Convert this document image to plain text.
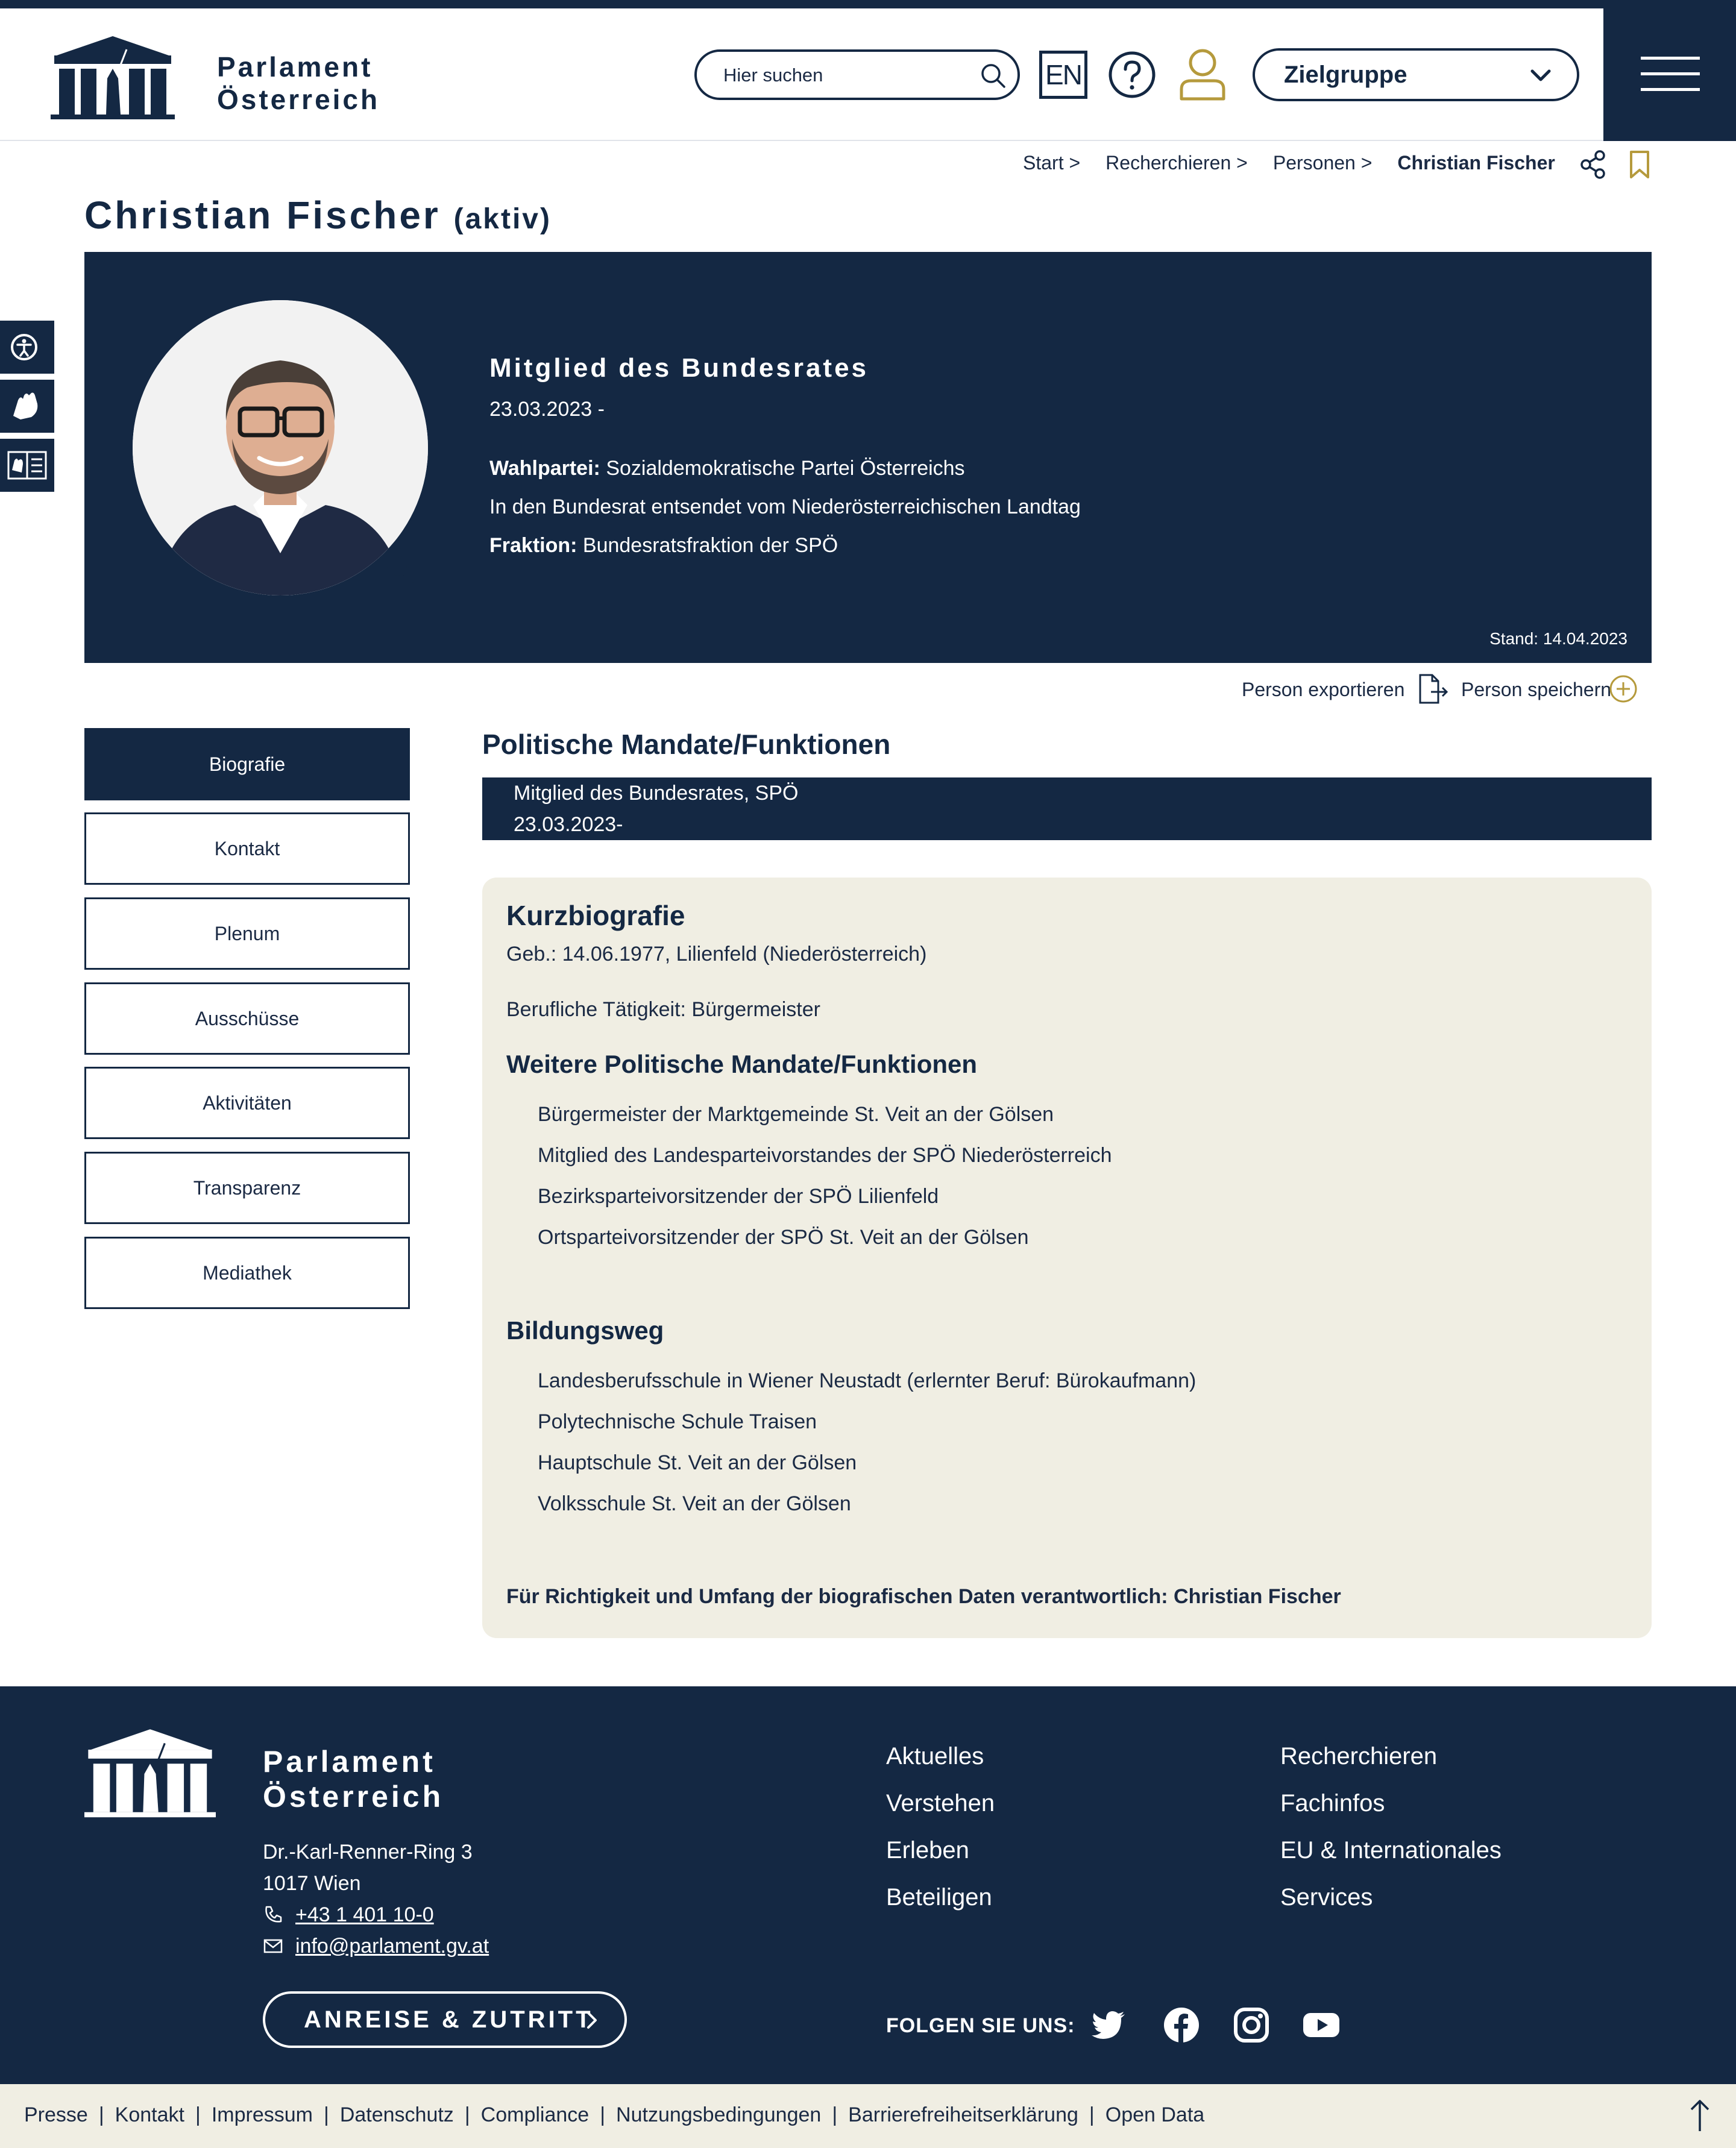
Parlament
Österreich
Hier suchen
EN	Zielgruppe
Start > Recherchieren > Personen > Christian Fischer
Christian Fischer (aktiv)
Mitglied des Bundesrates
23.03.2023 -
Wahlpartei: Sozialdemokratische Partei Österreichs
In den Bundesrat entsendet vom Niederösterreichischen Landtag
Fraktion: Bundesratsfraktion der SPÖ
Stand: 14.04.2023
Person exportieren	Person speichern
Biografie
Kontakt
Plenum
Ausschüsse
Aktivitäten
Transparenz
Mediathek
Politische Mandate/Funktionen
Mitglied des Bundesrates, SPÖ
23.03.2023-
Kurzbiografie

Geb.: 14.06.1977, Lilienfeld (Niederösterreich)

Berufliche Tätigkeit: Bürgermeister

Weitere Politische Mandate/Funktionen
Bürgermeister der Marktgemeinde St. Veit an der Gölsen
Mitglied des Landesparteivorstandes der SPÖ Niederösterreich
Bezirksparteivorsitzender der SPÖ Lilienfeld
Ortsparteivorsitzender der SPÖ St. Veit an der Gölsen
Bildungsweg
Landesberufsschule in Wiener Neustadt (erlernter Beruf: Bürokaufmann)
Polytechnische Schule Traisen
Hauptschule St. Veit an der Gölsen
Volksschule St. Veit an der Gölsen

Für Richtigkeit und Umfang der biografischen Daten verantwortlich: Christian Fischer

Parlament
Österreich
Dr.-Karl-Renner-Ring 3
1017 Wien
+43 1 401 10-0
info@parlament.gv.at
ANREISE & ZUTRITT
Aktuelles
Verstehen
Erleben
Beteiligen
Recherchieren
Fachinfos
EU & Internationales
Services
FOLGEN SIE UNS:
Presse | Kontakt | Impressum | Datenschutz | Compliance | Nutzungsbedingungen | Barrierefreiheitserklärung | Open Data
